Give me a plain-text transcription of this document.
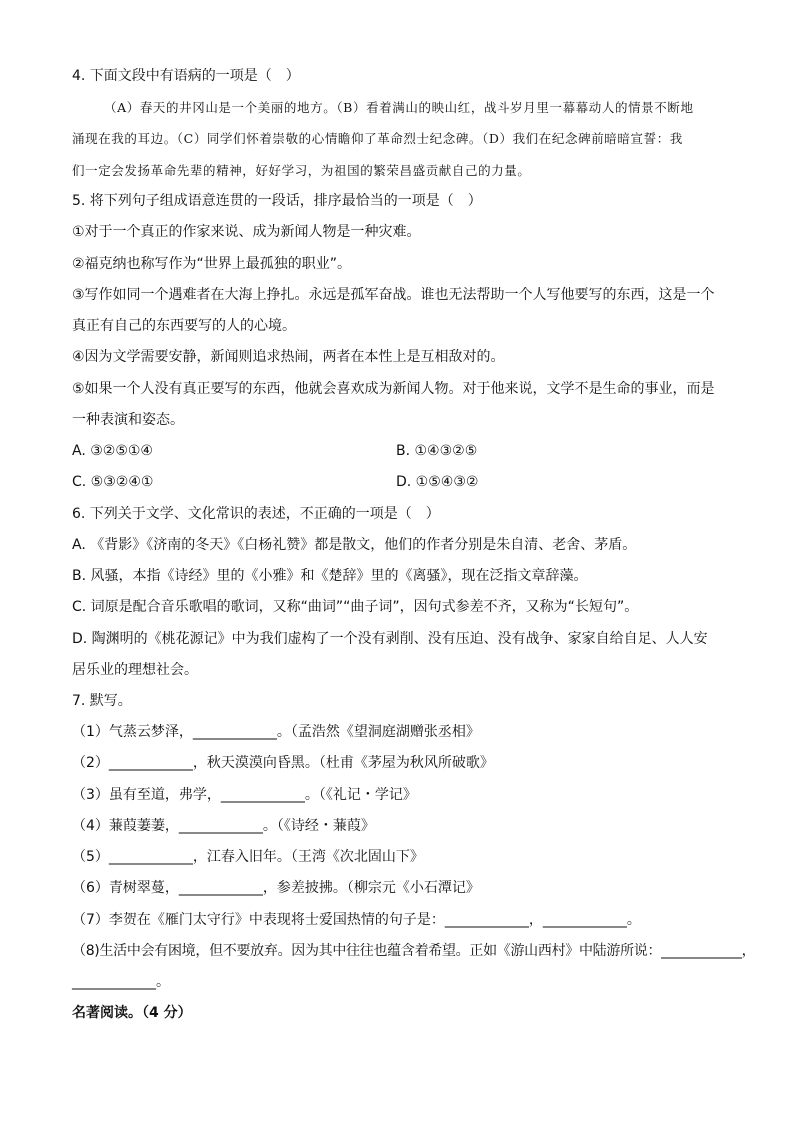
4. 下面文段中有语病的一项是（　）
（A）春天的井冈山是一个美丽的地方。（B）看着满山的映山红，战斗岁月里一幕幕动人的情景不断地
涌现在我的耳边。（C）同学们怀着崇敬的心情瞻仰了革命烈士纪念碑。（D）我们在纪念碑前暗暗宣誓：我
们一定会发扬革命先辈的精神，好好学习，为祖国的繁荣昌盛贡献自己的力量。
5. 将下列句子组成语意连贯的一段话，排序最恰当的一项是（　）
①对于一个真正的作家来说、成为新闻人物是一种灾难。
②福克纳也称写作为“世界上最孤独的职业”。
③写作如同一个遇难者在大海上挣扎。永远是孤军奋战。谁也无法帮助一个人写他要写的东西，这是一个
真正有自己的东西要写的人的心境。
④因为文学需要安静，新闻则追求热闹，两者在本性上是互相敌对的。
⑤如果一个人没有真正要写的东西，他就会喜欢成为新闻人物。对于他来说，文学不是生命的事业，而是
一种表演和姿态。
A. ③②⑤①④	B. ①④③②⑤
C. ⑤③②④①	D. ①⑤④③②
6. 下列关于文学、文化常识的表述，不正确的一项是（　）
A. 《背影》《济南的冬天》《白杨礼赞》都是散文，他们的作者分别是朱自清、老舍、茅盾。
B. 风骚，本指《诗经》里的《小雅》和《楚辞》里的《离骚》，现在泛指文章辞藻。
C. 词原是配合音乐歌唱的歌词，又称“曲词”“曲子词”，因句式参差不齐，又称为“长短句”。
D. 陶渊明的《桃花源记》中为我们虚构了一个没有剥削、没有压迫、没有战争、家家自给自足、人人安
居乐业的理想社会。
7. 默写。
（1）气蒸云梦泽，____________。（孟浩然《望洞庭湖赠张丞相》
（2）____________，秋天漠漠向昏黑。（杜甫《茅屋为秋风所破歌》
（3）虽有至道，弗学，____________。（《礼记・学记》
（4）蒹葭萋萋，____________。（《诗经・蒹葭》
（5）____________，江春入旧年。（王湾《次北固山下》
（6）青树翠蔓，____________，参差披拂。（柳宗元《小石潭记》
（7）李贺在《雁门太守行》中表现将士爱国热情的句子是：____________，____________。
（8)生活中会有困境，但不要放弃。因为其中往往也蕴含着希望。正如《游山西村》中陆游所说：____________，
____________。
名著阅读。（4 分）
